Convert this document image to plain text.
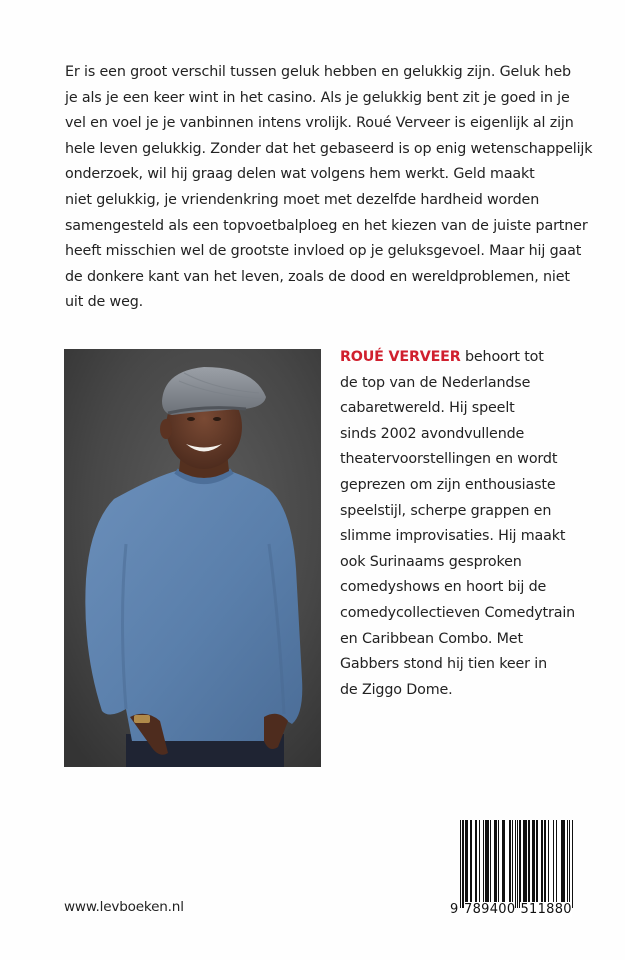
Er is een groot verschil tussen geluk hebben en gelukkig zijn. Geluk heb
je als je een keer wint in het casino. Als je gelukkig bent zit je goed in je
vel en voel je je vanbinnen intens vrolijk. Roué Verveer is eigenlijk al zijn
hele leven gelukkig. Zonder dat het gebaseerd is op enig wetenschappelijk
onderzoek, wil hij graag delen wat volgens hem werkt. Geld maakt
niet gelukkig, je vriendenkring moet met dezelfde hardheid worden
samengesteld als een topvoetbalploeg en het kiezen van de juiste partner
heeft misschien wel de grootste invloed op je geluksgevoel. Maar hij gaat
de donkere kant van het leven, zoals de dood en wereldproblemen, niet
uit de weg.

ROUÉ VERVEER behoort tot
de top van de Nederlandse
cabaretwereld. Hij speelt
sinds 2002 avondvullende
theatervoorstellingen en wordt
geprezen om zijn enthousiaste
speelstijl, scherpe grappen en
slimme improvisaties. Hij maakt
ook Surinaams gesproken
comedyshows en hoort bij de
comedycollectieven Comedytrain
en Caribbean Combo. Met
Gabbers stond hij tien keer in
de Ziggo Dome.

www.levboeken.nl	9 789400 511880
